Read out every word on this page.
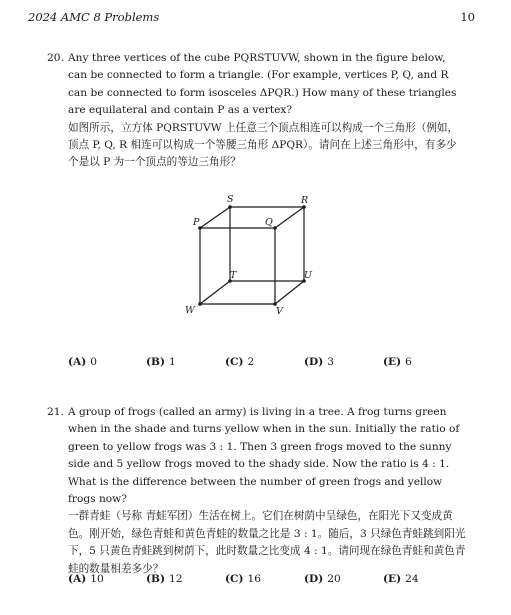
2024 AMC 8 Problems	10
20. Any three vertices of the cube PQRSTUVW, shown in the figure below, can be connected to form a triangle. (For example, vertices P, Q, and R can be connected to form isosceles ΔPQR.) How many of these triangles are equilateral and contain P as a vertex?

如图所示，立方体 PQRSTUVW 上任意三个顶点相连可以构成一个三角形（例如，顶点 P, Q, R 相连可以构成一个等腰三角形 ΔPQR）。请问在上述三角形中，有多少个是以 P 为一个顶点的等边三角形？

S	R
P	Q
T	U
W	V
(A) 0	(B) 1	(C) 2	(D) 3	(E) 6
21. A group of frogs (called an army) is living in a tree. A frog turns green when in the shade and turns yellow when in the sun. Initially the ratio of green to yellow frogs was 3 : 1. Then 3 green frogs moved to the sunny side and 5 yellow frogs moved to the shady side. Now the ratio is 4 : 1. What is the difference between the number of green frogs and yellow frogs now?

一群青蛙（号称 青蛙军团）生活在树上。它们在树荫中呈绿色，在阳光下又变成黄色。刚开始，绿色青蛙和黄色青蛙的数量之比是 3 : 1。随后，3 只绿色青蛙跳到阳光下，5 只黄色青蛙跳到树荫下，此时数量之比变成 4 : 1。请问现在绿色青蛙和黄色青蛙的数量相差多少？

(A) 10	(B) 12	(C) 16	(D) 20	(E) 24
